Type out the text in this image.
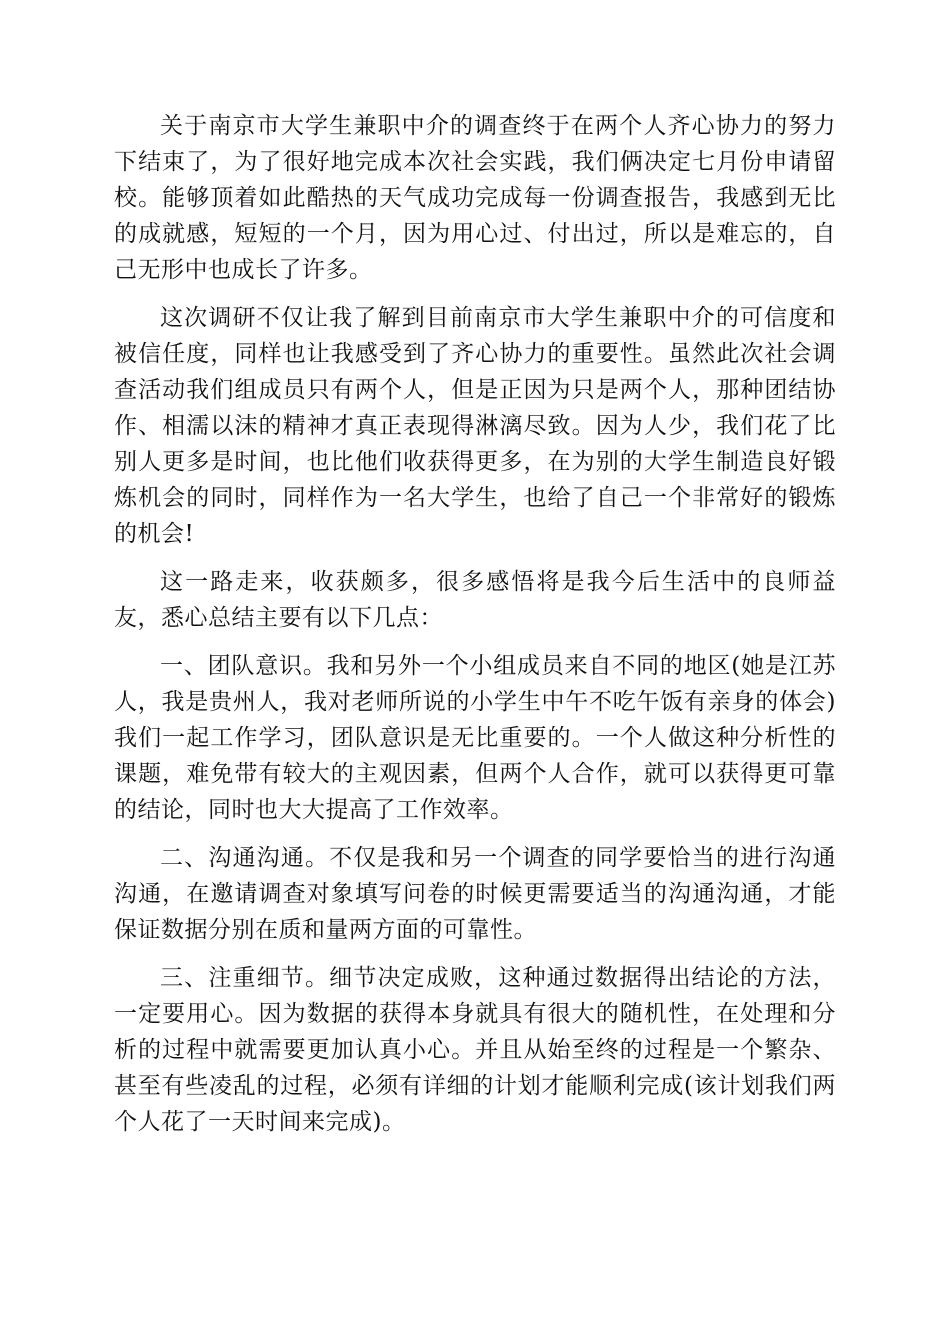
关于南京市大学生兼职中介的调查终于在两个人齐心协力的努力下结束了，为了很好地完成本次社会实践，我们俩决定七月份申请留校。能够顶着如此酷热的天气成功完成每一份调查报告，我感到无比的成就感，短短的一个月，因为用心过、付出过，所以是难忘的，自己无形中也成长了许多。

这次调研不仅让我了解到目前南京市大学生兼职中介的可信度和被信任度，同样也让我感受到了齐心协力的重要性。虽然此次社会调查活动我们组成员只有两个人，但是正因为只是两个人，那种团结协作、相濡以沫的精神才真正表现得淋漓尽致。因为人少，我们花了比别人更多是时间，也比他们收获得更多，在为别的大学生制造良好锻炼机会的同时，同样作为一名大学生，也给了自己一个非常好的锻炼的机会!

这一路走来，收获颇多，很多感悟将是我今后生活中的良师益友，悉心总结主要有以下几点：

一、团队意识。我和另外一个小组成员来自不同的地区(她是江苏人，我是贵州人，我对老师所说的小学生中午不吃午饭有亲身的体会)我们一起工作学习，团队意识是无比重要的。一个人做这种分析性的课题，难免带有较大的主观因素，但两个人合作，就可以获得更可靠的结论，同时也大大提高了工作效率。

二、沟通沟通。不仅是我和另一个调查的同学要恰当的进行沟通沟通，在邀请调查对象填写问卷的时候更需要适当的沟通沟通，才能保证数据分别在质和量两方面的可靠性。

三、注重细节。细节决定成败，这种通过数据得出结论的方法，一定要用心。因为数据的获得本身就具有很大的随机性，在处理和分析的过程中就需要更加认真小心。并且从始至终的过程是一个繁杂、甚至有些凌乱的过程，必须有详细的计划才能顺利完成(该计划我们两个人花了一天时间来完成)。
